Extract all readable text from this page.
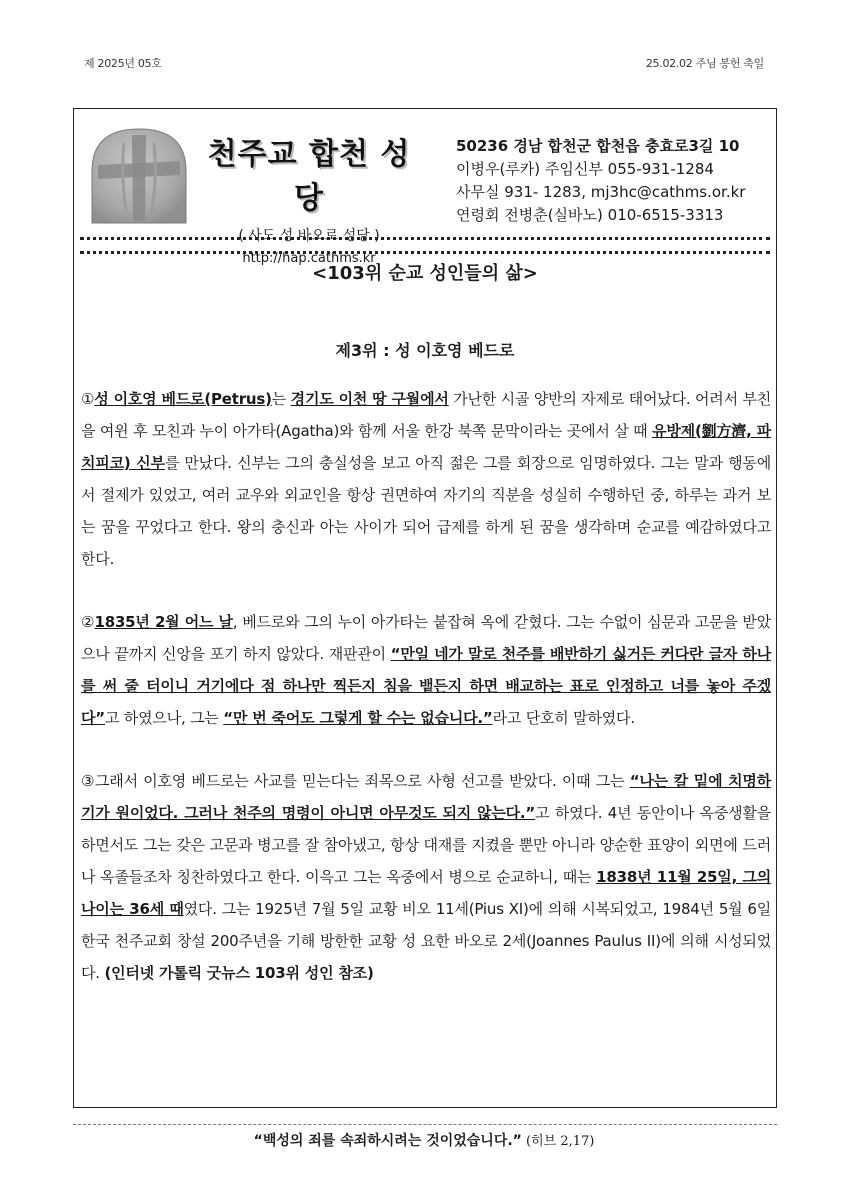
제 2025년 05호	25.02.02 주님 봉헌 축일
천주교 합천 성당
( 사도 성 바오로 성당 )
http://hap.cathms.kr
50236 경남 합천군 합천읍 충효로3길 10
이병우(루카) 주임신부 055-931-1284
사무실 931- 1283, mj3hc@cathms.or.kr
연령회 전병춘(실바노) 010-6515-3313
<103위 순교 성인들의 삶>
제3위 : 성 이호영 베드로

①성 이호영 베드로(Petrus)는 경기도 이천 땅 구월에서 가난한 시골 양반의 자제로 태어났다. 어려서 부친을 여윈 후 모친과 누이 아가타(Agatha)와 함께 서울 한강 북쪽 문막이라는 곳에서 살 때 유방제(劉方濟, 파치피코) 신부를 만났다. 신부는 그의 충실성을 보고 아직 젊은 그를 회장으로 임명하였다. 그는 말과 행동에서 절제가 있었고, 여러 교우와 외교인을 항상 권면하여 자기의 직분을 성실히 수행하던 중, 하루는 과거 보는 꿈을 꾸었다고 한다. 왕의 충신과 아는 사이가 되어 급제를 하게 된 꿈을 생각하며 순교를 예감하였다고 한다.

②1835년 2월 어느 날, 베드로와 그의 누이 아가타는 붙잡혀 옥에 갇혔다. 그는 수없이 심문과 고문을 받았으나 끝까지 신앙을 포기 하지 않았다. 재판관이 “만일 네가 말로 천주를 배반하기 싫거든 커다란 글자 하나를 써 줄 터이니 거기에다 점 하나만 찍든지 침을 뱉든지 하면 배교하는 표로 인정하고 너를 놓아 주겠다”고 하였으나, 그는 “만 번 죽어도 그렇게 할 수는 없습니다.”라고 단호히 말하였다.

③그래서 이호영 베드로는 사교를 믿는다는 죄목으로 사형 선고를 받았다. 이때 그는 “나는 칼 밑에 치명하기가 원이었다. 그러나 천주의 명령이 아니면 아무것도 되지 않는다.”고 하였다. 4년 동안이나 옥중생활을 하면서도 그는 갖은 고문과 병고를 잘 참아냈고, 항상 대재를 지켰을 뿐만 아니라 양순한 표양이 외면에 드러나 옥졸들조차 칭찬하였다고 한다. 이윽고 그는 옥중에서 병으로 순교하니, 때는 1838년 11월 25일, 그의 나이는 36세 때였다. 그는 1925년 7월 5일 교황 비오 11세(Pius XI)에 의해 시복되었고, 1984년 5월 6일 한국 천주교회 창설 200주년을 기해 방한한 교황 성 요한 바오로 2세(Joannes Paulus II)에 의해 시성되었다. (인터넷 가톨릭 굿뉴스 103위 성인 참조)

“백성의 죄를 속죄하시려는 것이었습니다.” (히브 2,17)
